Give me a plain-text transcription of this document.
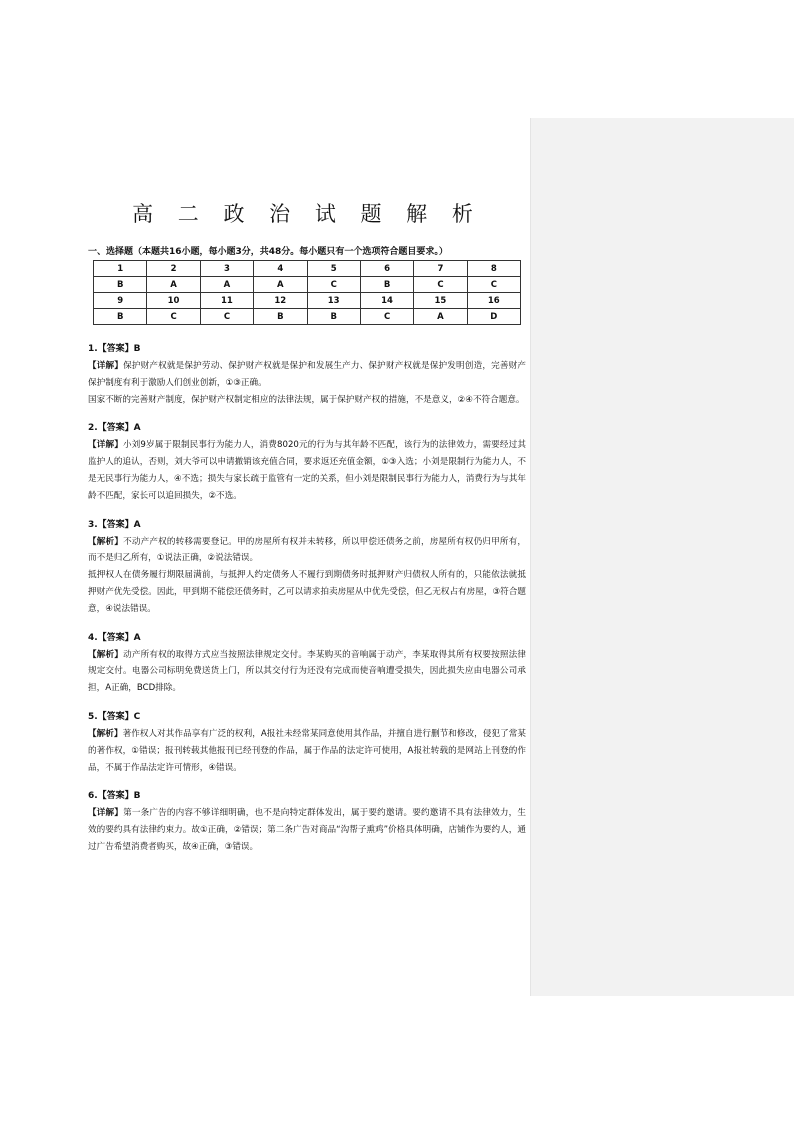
高 二 政 治 试 题 解 析
一、选择题（本题共16小题，每小题3分，共48分。每小题只有一个选项符合题目要求。）
1	2	3	4	5	6	7	8
B	A	A	A	C	B	C	C
9	10	11	12	13	14	15	16
B	C	C	B	B	C	A	D
1.【答案】B

【详解】保护财产权就是保护劳动、保护财产权就是保护和发展生产力、保护财产权就是保护发明创造，完善财产保护制度有利于激励人们创业创新，①③正确。

国家不断的完善财产制度，保护财产权制定相应的法律法规，属于保护财产权的措施，不是意义，②④不符合题意。

2.【答案】A

【详解】小刘9岁属于限制民事行为能力人，消费8020元的行为与其年龄不匹配，该行为的法律效力，需要经过其监护人的追认，否则，刘大爷可以申请撤销该充值合同，要求返还充值金额，①③入选；小刘是限制行为能力人，不是无民事行为能力人，④不选；损失与家长疏于监管有一定的关系，但小刘是限制民事行为能力人，消费行为与其年龄不匹配，家长可以追回损失，②不选。

3.【答案】A

【解析】不动产产权的转移需要登记。甲的房屋所有权并未转移，所以甲偿还债务之前，房屋所有权仍归甲所有，而不是归乙所有，①说法正确，②说法错误。

抵押权人在债务履行期限届满前，与抵押人约定债务人不履行到期债务时抵押财产归债权人所有的，只能依法就抵押财产优先受偿。因此，甲到期不能偿还债务时，乙可以请求拍卖房屋从中优先受偿，但乙无权占有房屋，③符合题意，④说法错误。

4.【答案】A

【解析】动产所有权的取得方式应当按照法律规定交付。李某购买的音响属于动产，李某取得其所有权要按照法律规定交付。电器公司标明免费送货上门，所以其交付行为还没有完成而使音响遭受损失，因此损失应由电器公司承担，A正确，BCD排除。

5.【答案】C

【解析】著作权人对其作品享有广泛的权利，A报社未经常某同意使用其作品，并擅自进行删节和修改，侵犯了常某的著作权，①错误；报刊转载其他报刊已经刊登的作品，属于作品的法定许可使用，A报社转载的是网站上刊登的作品，不属于作品法定许可情形，④错误。

6.【答案】B

【详解】第一条广告的内容不够详细明确，也不是向特定群体发出，属于要约邀请。要约邀请不具有法律效力，生效的要约具有法律约束力。故①正确，②错误；第二条广告对商品“沟帮子熏鸡”价格具体明确，店铺作为要约人，通过广告希望消费者购买，故④正确，③错误。
